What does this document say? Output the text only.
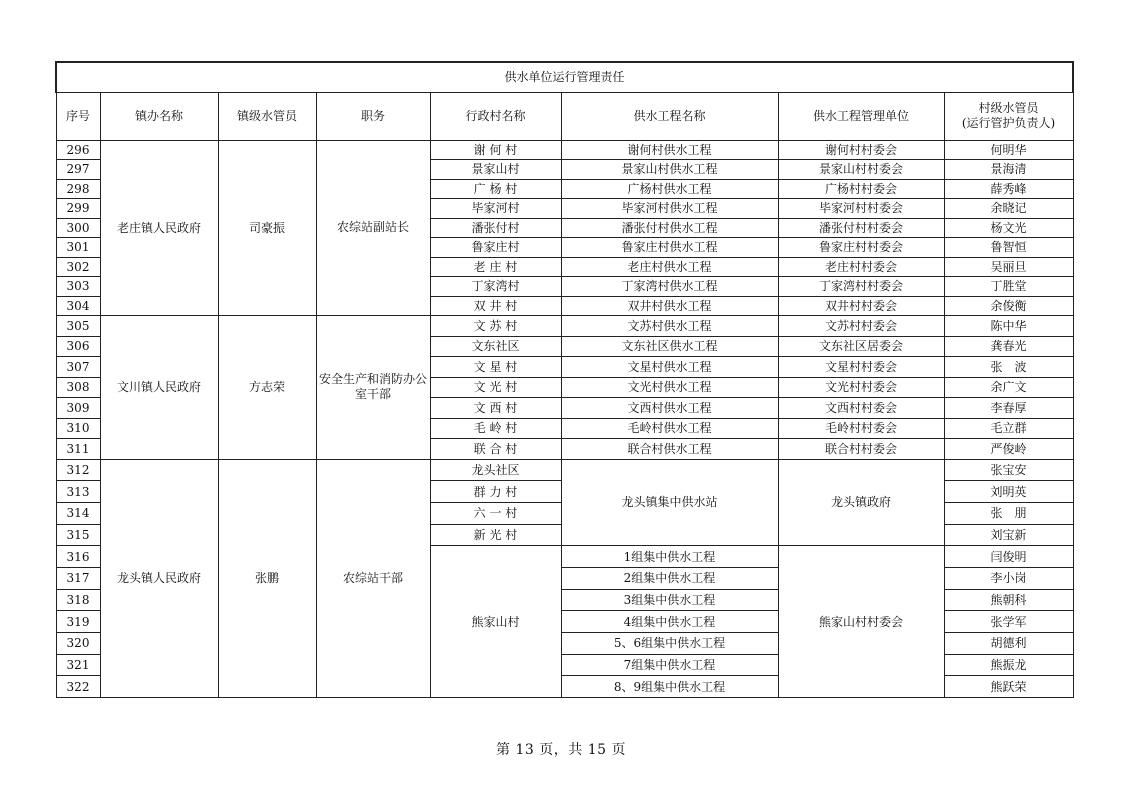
供水单位运行管理责任							
序号	镇办名称	镇级水管员	职务	行政村名称	供水工程名称	供水工程管理单位	村级水管员
(运行管护负责人)
296	老庄镇人民政府	司豪振	农综站副站长	谢 何 村	谢何村供水工程	谢何村村委会	何明华
297				景家山村	景家山村供水工程	景家山村村委会	景海清
298				广 杨 村	广杨村供水工程	广杨村村委会	薛秀峰
299				毕家河村	毕家河村供水工程	毕家河村村委会	余晓记
300				潘张付村	潘张付村供水工程	潘张付村村委会	杨文光
301				鲁家庄村	鲁家庄村供水工程	鲁家庄村村委会	鲁智恒
302				老 庄 村	老庄村供水工程	老庄村村委会	吴丽旦
303				丁家湾村	丁家湾村供水工程	丁家湾村村委会	丁胜堂
304				双 井 村	双井村供水工程	双井村村委会	余俊衡
305	文川镇人民政府	方志荣	安全生产和消防办公室干部	文 苏 村	文苏村供水工程	文苏村村委会	陈中华
306				文东社区	文东社区供水工程	文东社区居委会	龚春光
307				文 星 村	文星村供水工程	文星村村委会	张　波
308				文 光 村	文光村供水工程	文光村村委会	余广文
309				文 西 村	文西村供水工程	文西村村委会	李春厚
310				毛 岭 村	毛岭村供水工程	毛岭村村委会	毛立群
311				联 合 村	联合村供水工程	联合村村委会	严俊岭
312	龙头镇人民政府	张鹏	农综站干部	龙头社区	龙头镇集中供水站	龙头镇政府	张宝安
313				群 力 村			刘明英
314				六 一 村			张　朋
315				新 光 村			刘宝新
316				熊家山村	1组集中供水工程	熊家山村村委会	闫俊明
317					2组集中供水工程		李小岗
318					3组集中供水工程		熊朝科
319					4组集中供水工程		张学军
320					5、6组集中供水工程		胡德利
321					7组集中供水工程		熊振龙
322					8、9组集中供水工程		熊跃荣
第 13 页，共 15 页
